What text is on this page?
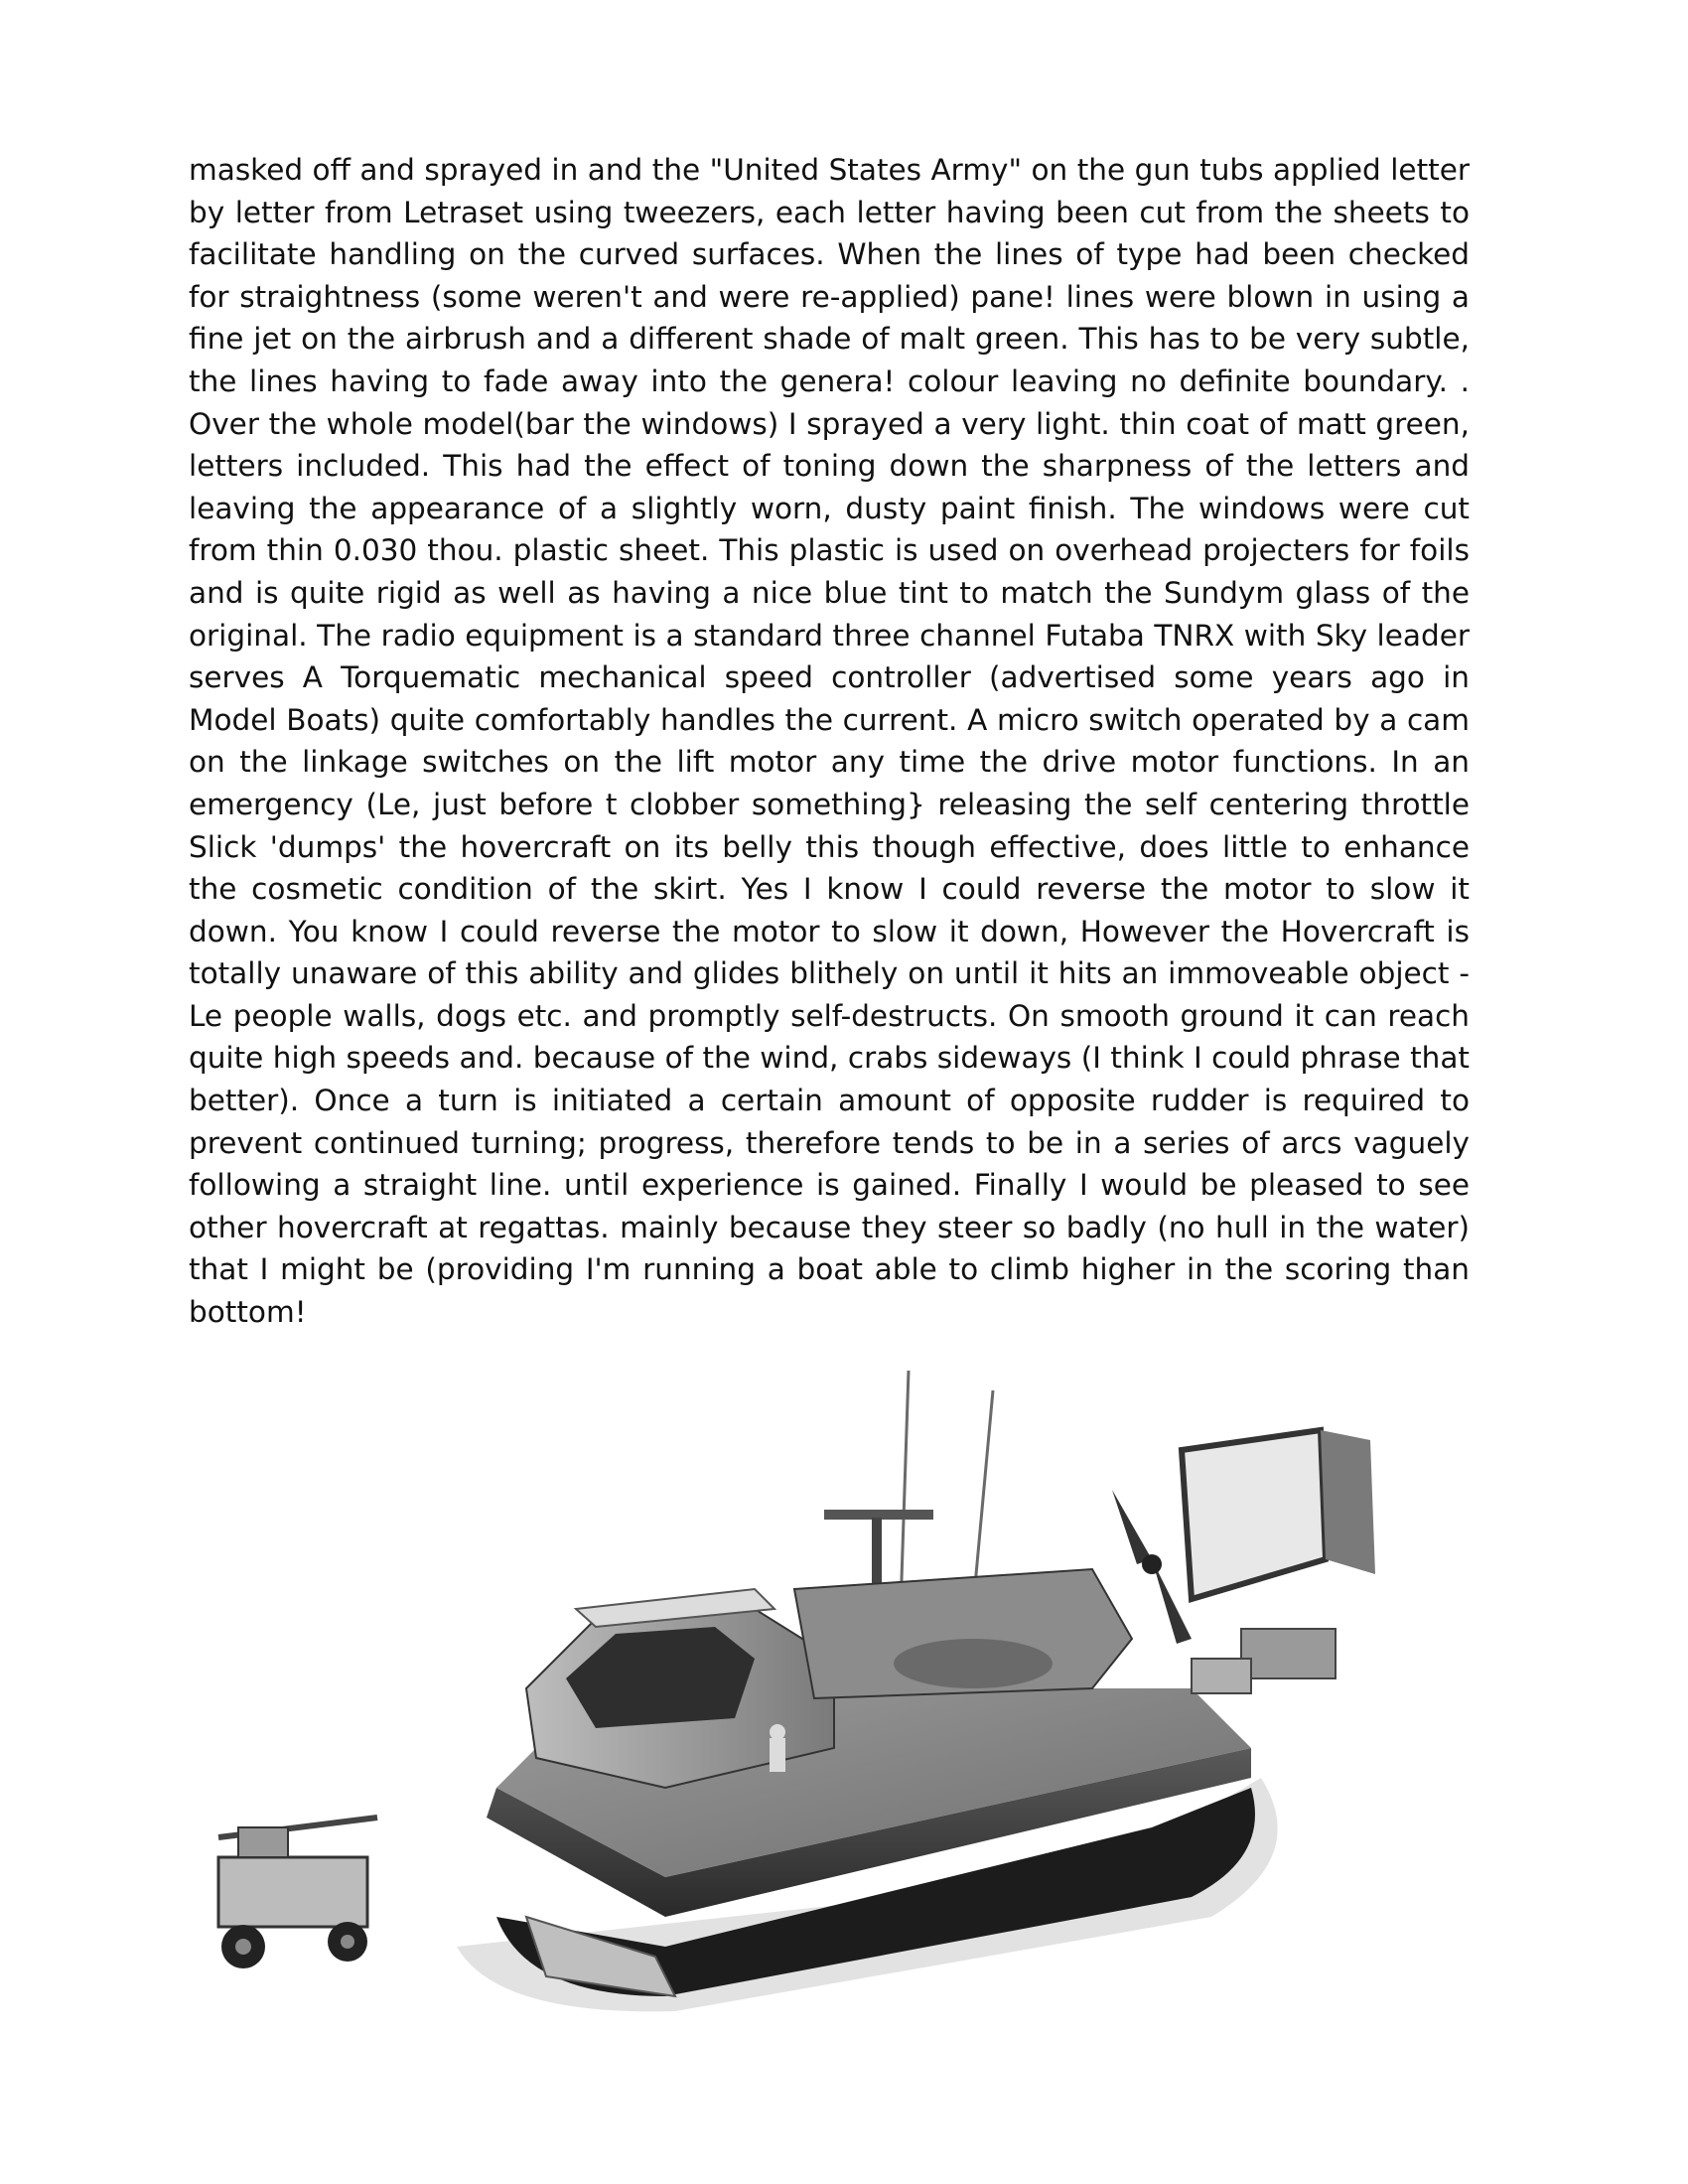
masked off and sprayed in and the "United States Army" on the gun tubs applied letter by letter from Letraset using tweezers, each letter having been cut from the sheets to facilitate handling on the curved surfaces. When the lines of type had been checked for straightness (some weren't and were re-applied) pane! lines were blown in using a fine jet on the airbrush and a different shade of malt green. This has to be very subtle, the lines having to fade away into the genera! colour leaving no definite boundary. . Over the whole model(bar the windows) I sprayed a very light. thin coat of matt green, letters included. This had the effect of toning down the sharpness of the letters and leaving the appearance of a slightly worn, dusty paint finish. The windows were cut from thin 0.030 thou. plastic sheet. This plastic is used on overhead projecters for foils and is quite rigid as well as having a nice blue tint to match the Sundym glass of the original. The radio equipment is a standard three channel Futaba TNRX with Sky leader serves A Torquematic mechanical speed controller (advertised some years ago in Model Boats) quite comfortably handles the current. A micro switch operated by a cam on the linkage switches on the lift motor any time the drive motor functions. In an emergency (Le, just before t clobber something} releasing the self centering throttle Slick 'dumps' the hovercraft on its belly this though effective, does little to enhance the cosmetic condition of the skirt. Yes I know I could reverse the motor to slow it down. You know I could reverse the motor to slow it down, However the Hovercraft is totally unaware of this ability and glides blithely on until it hits an immoveable object - Le people walls, dogs etc. and promptly self-destructs. On smooth ground it can reach quite high speeds and. because of the wind, crabs sideways (I think I could phrase that better). Once a turn is initiated a certain amount of opposite rudder is required to prevent continued turning; progress, therefore tends to be in a series of arcs vaguely following a straight line. until experience is gained. Finally I would be pleased to see other hovercraft at regattas. mainly because they steer so badly (no hull in the water) that I might be (providing I'm running a boat able to climb higher in the scoring than bottom!
